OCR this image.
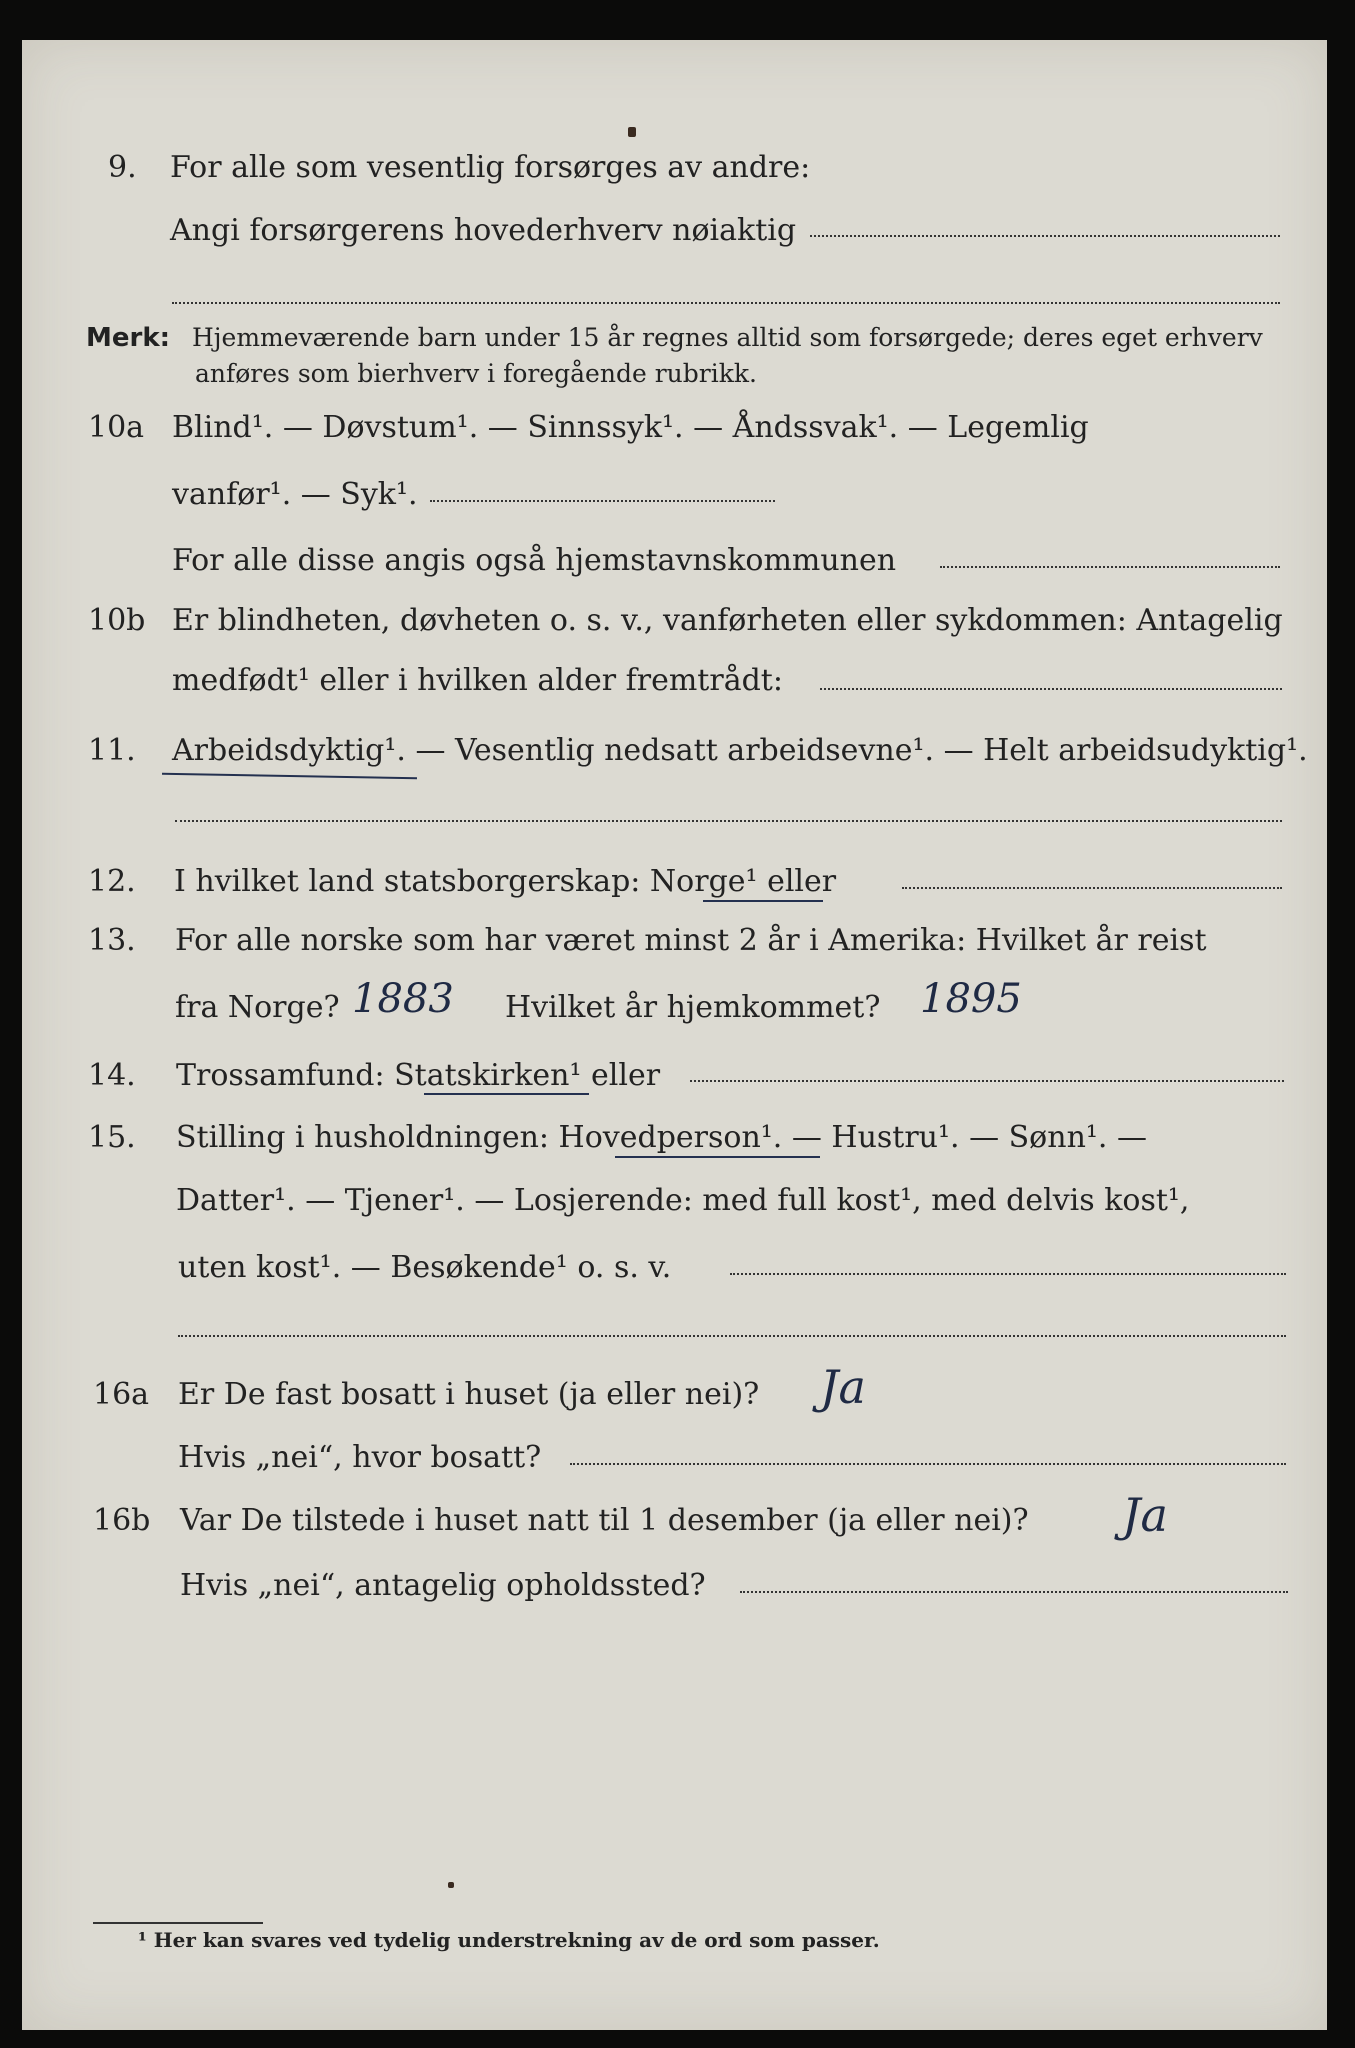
9. For alle som vesentlig forsørges av andre:
Angi forsørgerens hovederhverv nøiaktig
Merk: Hjemmeværende barn under 15 år regnes alltid som forsørgede; deres eget erhverv
anføres som bierhverv i foregående rubrikk.
10a Blind¹. — Døvstum¹. — Sinnssyk¹. — Åndssvak¹. — Legemlig
vanfør¹. — Syk¹.
For alle disse angis også hjemstavnskommunen
10b Er blindheten, døvheten o. s. v., vanførheten eller sykdommen: Antagelig
medfødt¹ eller i hvilken alder fremtrådt:
11. Arbeidsdyktig¹. — Vesentlig nedsatt arbeidsevne¹. — Helt arbeidsudyktig¹.
12. I hvilket land statsborgerskap: Norge¹ eller
13. For alle norske som har været minst 2 år i Amerika: Hvilket år reist
fra Norge?	Hvilket år hjemkommet?
1883	1895
14. Trossamfund: Statskirken¹ eller
15. Stilling i husholdningen: Hovedperson¹. — Hustru¹. — Sønn¹. —
Datter¹. — Tjener¹. — Losjerende: med full kost¹, med delvis kost¹,
uten kost¹. — Besøkende¹ o. s. v.
16a Er De fast bosatt i huset (ja eller nei)? Ja
Hvis „nei“, hvor bosatt?
16b Var De tilstede i huset natt til 1 desember (ja eller nei)? Ja
Hvis „nei“, antagelig opholdssted?
¹ Her kan svares ved tydelig understrekning av de ord som passer.
